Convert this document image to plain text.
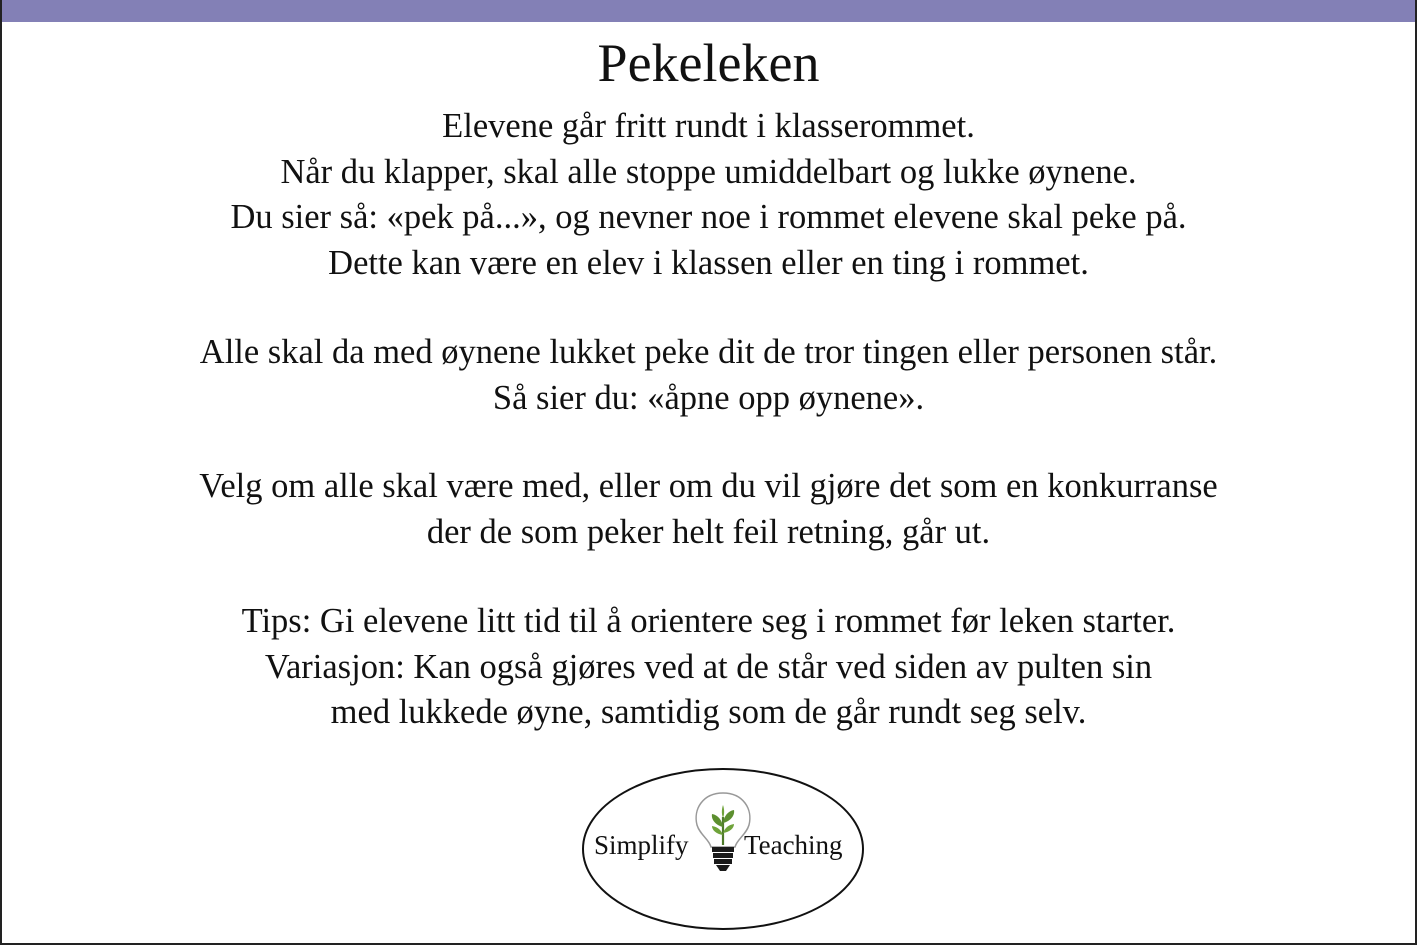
Pekeleken
Elevene går fritt rundt i klasserommet.
Når du klapper, skal alle stoppe umiddelbart og lukke øynene.
Du sier så: «pek på...», og nevner noe i rommet elevene skal peke på.
Dette kan være en elev i klassen eller en ting i rommet.
Alle skal da med øynene lukket peke dit de tror tingen eller personen står.
Så sier du: «åpne opp øynene».
Velg om alle skal være med, eller om du vil gjøre det som en konkurranse
der de som peker helt feil retning, går ut.
Tips: Gi elevene litt tid til å orientere seg i rommet før leken starter.
Variasjon: Kan også gjøres ved at de står ved siden av pulten sin
med lukkede øyne, samtidig som de går rundt seg selv.
Simplify Teaching
